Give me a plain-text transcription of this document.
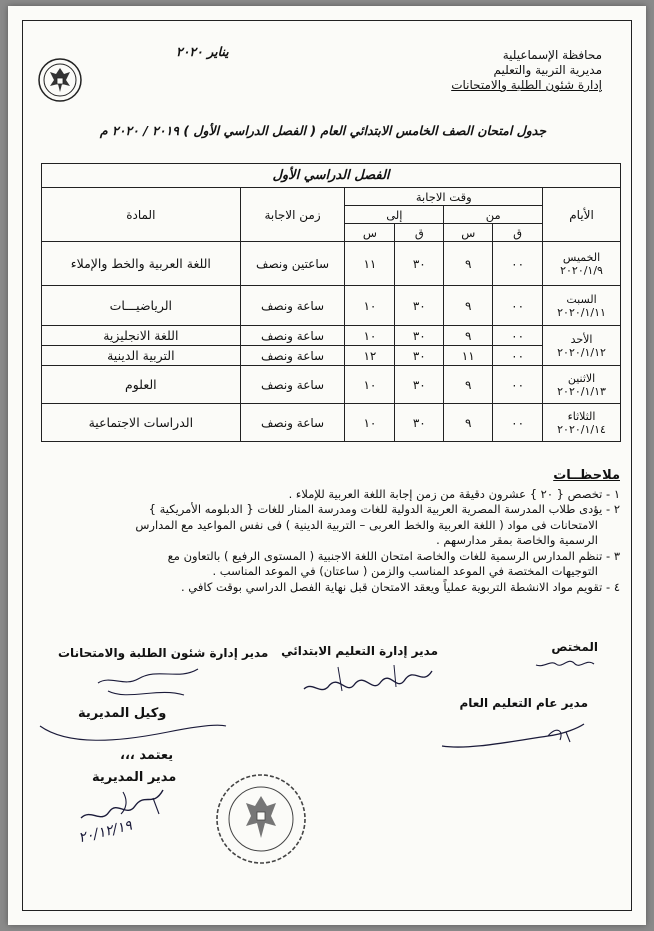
يناير ٢٠٢٠	محافظة الإسماعيلية
مديرية التربية والتعليم
إدارة شئون الطلبة والامتحانات
جدول امتحان الصف الخامس الابتدائي العام ( الفصل الدراسي الأول ) ٢٠١٩ / ٢٠٢٠ م
الفصل الدراسي الأول						
الأيام	وقت الاجابة				زمن الاجابة	المادة
	من		إلى			
	ق	س	ق	س		

الخميس
٢٠٢٠/١/٩	٠٠	٩	٣٠	١١	ساعتين ونصف	اللغة العربية والخط والإملاء

السبت
٢٠٢٠/١/١١	٠٠	٩	٣٠	١٠	ساعة ونصف	الرياضيـــات

الأحد
٢٠٢٠/١/١٢	٠٠	٩	٣٠	١٠	ساعة ونصف	اللغة الانجليزية
	٠٠	١١	٣٠	١٢	ساعة ونصف	التربية الدينية

الاثنين
٢٠٢٠/١/١٣	٠٠	٩	٣٠	١٠	ساعة ونصف	العلوم

الثلاثاء
٢٠٢٠/١/١٤	٠٠	٩	٣٠	١٠	ساعة ونصف	الدراسات الاجتماعية
ملاحظــات
١ - تخصص { ٢٠ } عشرون دقيقة من زمن إجابة اللغة العربية للإملاء .
٢ - يؤدى طلاب المدرسة المصرية العربية الدولية للغات ومدرسة المنار للغات { الدبلومه الأمريكية }
الامتحانات فى مواد ( اللغة العربية والخط العربى – التربية الدينية ) فى نفس المواعيد مع المدارس
الرسمية والخاصة بمقر مدارسهم .
٣ - تنظم المدارس الرسمية للغات والخاصة امتحان اللغة الاجنبية ( المستوى الرفيع ) بالتعاون مع
التوجيهات المختصة في الموعد المناسب والزمن ( ساعتان) في الموعد المناسب .
٤ - تقويم مواد الانشطة التربوية عملياً ويعقد الامتحان قبل نهاية الفصل الدراسي بوقت كافي .
المختص
مدير إدارة التعليم الابتدائي
مدير إدارة شئون الطلبة والامتحانات
مدير عام التعليم العام
وكيل المديرية
يعتمد ،،،
مدير المديرية
٢٠/١٢/١٩
